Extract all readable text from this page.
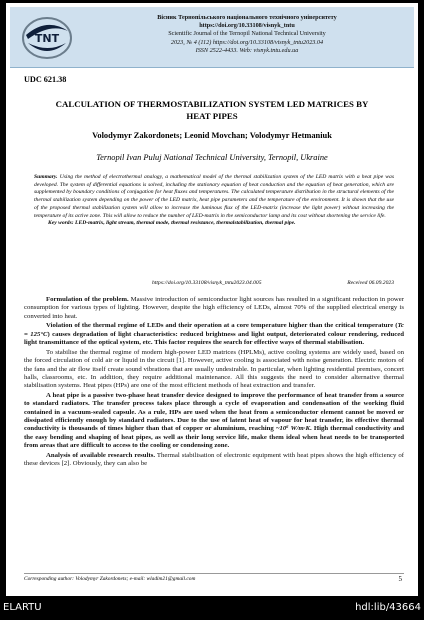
TNT
Вісник Тернопільського національного технічного університету
https://doi.org/10.33108/visnyk_tntu
Scientific Journal of the Ternopil National Technical University
2023, № 4 (112) https://doi.org/10.33108/visnyk_tntu2023.04
ISSN 2522-4433. Web: visnyk.tntu.edu.ua
UDC 621.38
CALCULATION OF THERMOSTABILIZATION SYSTEM LED MATRICES BY HEAT PIPES
Volodymyr Zakordonets; Leonid Movchan; Volodymyr Hetmaniuk
Ternopil Ivan Puluj National Technical University, Ternopil, Ukraine
Summary. Using the method of electrothermal analogy, a mathematical model of the thermal stabilization system of the LED matrix with a heat pipe was developed. The system of differential equations is solved, including the stationary equation of heat conduction and the equation of heat generation, which are supplemented by boundary conditions of conjugation for heat fluxes and temperatures. The calculated temperature distribution in the structural elements of the thermal stabilization system depending on the power of the LED matrix, heat pipe parameters and the temperature of the environment. It is shown that the use of the proposed thermal stabilization system will allow to increase the luminous flux of the LED-matrix (increase the light power) without increasing the temperature of its active zone. This will allow to reduce the number of LED-matrix in the semiconductor lamp and its cost without shortening the service life.
Key words: LED-matrix, light stream, thermal mode, thermal resistance, thermalstabilization, thermal pipe.
https://doi.org/10.33108/visnyk_tntu2023.04.005	Received 06.09.2023

Formulation of the problem. Massive introduction of semiconductor light sources has resulted in a significant reduction in power consumption for various types of lighting. However, despite the high efficiency of LEDs, almost 70% of the supplied electrical energy is converted into heat.

Violation of the thermal regime of LEDs and their operation at a core temperature higher than the critical temperature (Tc = 125°C) causes degradation of light characteristics: reduced brightness and light output, deteriorated colour rendering, reduced light transmittance of the optical system, etc. This factor requires the search for effective ways of thermal stabilisation.

To stabilise the thermal regime of modern high-power LED matrices (HPLMs), active cooling systems are widely used, based on the forced circulation of cold air or liquid in the circuit [1]. However, active cooling is associated with noise generation. Electric motors of the fans and the air flow itself create sound vibrations that are usually undesirable. In particular, when lighting residential premises, concert halls, classrooms, etc. In addition, they require additional maintenance. All this suggests the need to consider alternative thermal stabilisation systems. Heat pipes (HPs) are one of the most efficient methods of heat extraction and transfer.

A heat pipe is a passive two-phase heat transfer device designed to improve the performance of heat transfer from a source to standard radiators. The transfer process takes place through a cycle of evaporation and condensation of the working fluid contained in a vacuum-sealed capsule. As a rule, HPs are used when the heat from a semiconductor element cannot be moved or dissipated efficiently enough by standard radiators. Due to the use of latent heat of vapour for heat transfer, its effective thermal conductivity is thousands of times higher than that of copper or aluminium, reaching ~10⁶ W/m·K. High thermal conductivity and the easy bending and shaping of heat pipes, as well as their long service life, make them ideal when heat needs to be transported from areas that are difficult to access to the cooling or condensing zone.

Analysis of available research results. Thermal stabilisation of electronic equipment with heat pipes shows the high efficiency of these devices [2]. Obviously, they can also be

Corresponding author: Volodymyr Zakordonets; e-mail: wladim21@gmail.com	5
ELARTU	hdl:lib/43664
